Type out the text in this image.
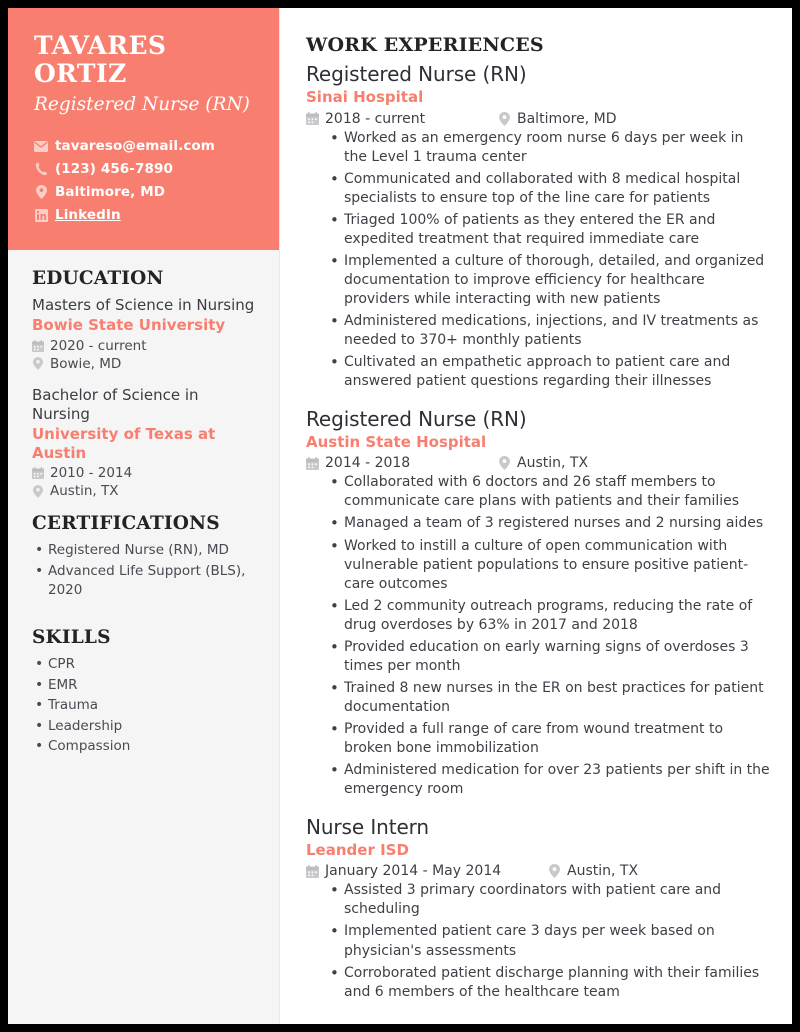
TAVARES ORTIZ
Registered Nurse (RN)
tavareso@email.com
(123) 456-7890
Baltimore, MD
LinkedIn
EDUCATION
Masters of Science in Nursing
Bowie State University
2020 - current
Bowie, MD
Bachelor of Science in Nursing
University of Texas at Austin
2010 - 2014
Austin, TX
CERTIFICATIONS
• Registered Nurse (RN), MD
• Advanced Life Support (BLS), 2020
SKILLS
• CPR
• EMR
• Trauma
• Leadership
• Compassion
WORK EXPERIENCES
Registered Nurse (RN)
Sinai Hospital
2018 - current	Baltimore, MD
• Worked as an emergency room nurse 6 days per week in the Level 1 trauma center
• Communicated and collaborated with 8 medical hospital specialists to ensure top of the line care for patients
• Triaged 100% of patients as they entered the ER and expedited treatment that required immediate care
• Implemented a culture of thorough, detailed, and organized documentation to improve efficiency for healthcare providers while interacting with new patients
• Administered medications, injections, and IV treatments as needed to 370+ monthly patients
• Cultivated an empathetic approach to patient care and answered patient questions regarding their illnesses
Registered Nurse (RN)
Austin State Hospital
2014 - 2018	Austin, TX
• Collaborated with 6 doctors and 26 staff members to communicate care plans with patients and their families
• Managed a team of 3 registered nurses and 2 nursing aides
• Worked to instill a culture of open communication with vulnerable patient populations to ensure positive patient-care outcomes
• Led 2 community outreach programs, reducing the rate of drug overdoses by 63% in 2017 and 2018
• Provided education on early warning signs of overdoses 3 times per month
• Trained 8 new nurses in the ER on best practices for patient documentation
• Provided a full range of care from wound treatment to broken bone immobilization
• Administered medication for over 23 patients per shift in the emergency room
Nurse Intern
Leander ISD
January 2014 - May 2014	Austin, TX
• Assisted 3 primary coordinators with patient care and scheduling
• Implemented patient care 3 days per week based on physician's assessments
• Corroborated patient discharge planning with their families and 6 members of the healthcare team
